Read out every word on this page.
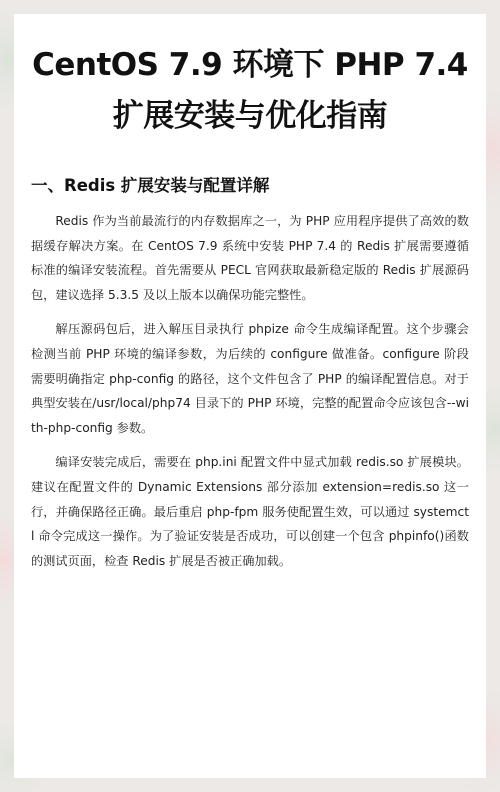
CentOS 7.9 环境下 PHP 7.4
扩展安装与优化指南
一、Redis 扩展安装与配置详解

Redis 作为当前最流行的内存数据库之一，为 PHP 应用程序提供了高效的数据缓存解决方案。在 CentOS 7.9 系统中安装 PHP 7.4 的 Redis 扩展需要遵循标准的编译安装流程。首先需要从 PECL 官网获取最新稳定版的 Redis 扩展源码包，建议选择 5.3.5 及以上版本以确保功能完整性。

解压源码包后，进入解压目录执行 phpize 命令生成编译配置。这个步骤会检测当前 PHP 环境的编译参数，为后续的 configure 做准备。configure 阶段需要明确指定 php-config 的路径，这个文件包含了 PHP 的编译配置信息。对于典型安装在/usr/local/php74 目录下的 PHP 环境，完整的配置命令应该包含--with-php-config 参数。

编译安装完成后，需要在 php.ini 配置文件中显式加载 redis.so 扩展模块。建议在配置文件的 Dynamic Extensions 部分添加 extension=redis.so 这一行，并确保路径正确。最后重启 php-fpm 服务使配置生效，可以通过 systemctl 命令完成这一操作。为了验证安装是否成功，可以创建一个包含 phpinfo()函数的测试页面，检查 Redis 扩展是否被正确加载。
